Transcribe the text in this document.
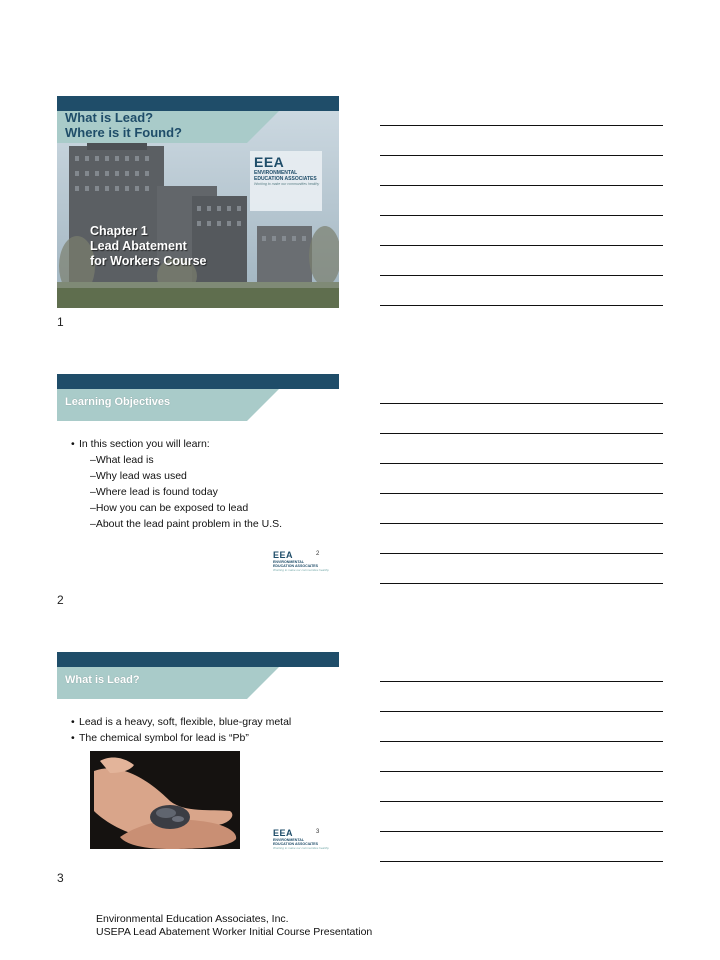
What is Lead?
Where is it Found?
EEA
ENVIRONMENTAL
EDUCATION ASSOCIATES
Working to make our communities healthy
Chapter 1
Lead Abatement
for Workers Course
1
Learning Objectives
• In this section you will learn:
–What lead is
–Why lead was used
–Where lead is found today
–How you can be exposed to lead
–About the lead paint problem in the U.S.
EEA
ENVIRONMENTAL
EDUCATION ASSOCIATES
Working to make our communities healthy
2
2
What is Lead?
• Lead is a heavy, soft, flexible, blue-gray metal
• The chemical symbol for lead is “Pb”
EEA
ENVIRONMENTAL
EDUCATION ASSOCIATES
Working to make our communities healthy
3
3
Environmental Education Associates, Inc.
USEPA Lead Abatement Worker Initial Course Presentation
